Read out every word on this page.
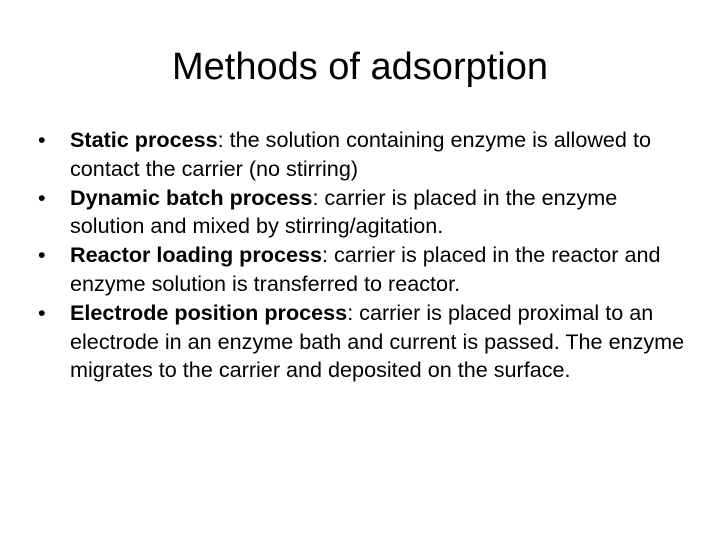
Methods of adsorption
•	Static process: the solution containing enzyme is allowed to contact the carrier (no stirring)
•	Dynamic batch process: carrier is placed in the enzyme solution and mixed by stirring/agitation.
•	Reactor loading process: carrier is placed in the reactor and enzyme solution is transferred to reactor.
•	Electrode position process: carrier is placed proximal to an electrode in an enzyme bath and current is passed. The enzyme migrates to the carrier and deposited on the surface.
